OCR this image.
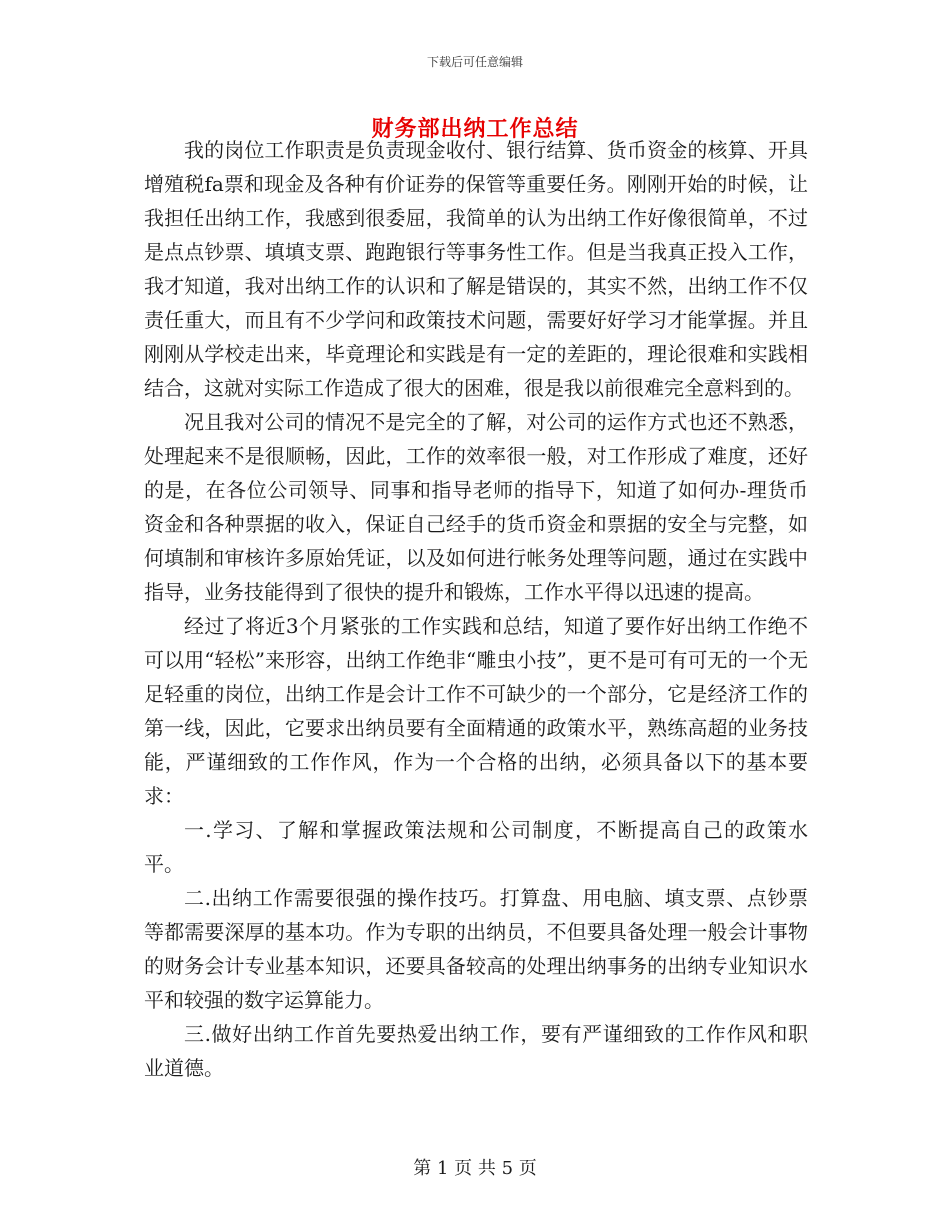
下载后可任意编辑
财务部出纳工作总结

我的岗位工作职责是负责现金收付、银行结算、货币资金的核算、开具增殖税fa票和现金及各种有价证券的保管等重要任务。刚刚开始的时候，让我担任出纳工作，我感到很委屈，我简单的认为出纳工作好像很简单，不过是点点钞票、填填支票、跑跑银行等事务性工作。但是当我真正投入工作，我才知道，我对出纳工作的认识和了解是错误的，其实不然，出纳工作不仅责任重大，而且有不少学问和政策技术问题，需要好好学习才能掌握。并且刚刚从学校走出来，毕竟理论和实践是有一定的差距的，理论很难和实践相结合，这就对实际工作造成了很大的困难，很是我以前很难完全意料到的。

况且我对公司的情况不是完全的了解，对公司的运作方式也还不熟悉，处理起来不是很顺畅，因此，工作的效率很一般，对工作形成了难度，还好的是，在各位公司领导、同事和指导老师的指导下，知道了如何办-理货币资金和各种票据的收入，保证自己经手的货币资金和票据的安全与完整，如何填制和审核许多原始凭证，以及如何进行帐务处理等问题，通过在实践中指导，业务技能得到了很快的提升和锻炼，工作水平得以迅速的提高。

经过了将近3个月紧张的工作实践和总结，知道了要作好出纳工作绝不可以用“轻松”来形容，出纳工作绝非“雕虫小技”，更不是可有可无的一个无足轻重的岗位，出纳工作是会计工作不可缺少的一个部分，它是经济工作的第一线，因此，它要求出纳员要有全面精通的政策水平，熟练高超的业务技能，严谨细致的工作作风，作为一个合格的出纳，必须具备以下的基本要求：

一.学习、了解和掌握政策法规和公司制度，不断提高自己的政策水平。

二.出纳工作需要很强的操作技巧。打算盘、用电脑、填支票、点钞票等都需要深厚的基本功。作为专职的出纳员，不但要具备处理一般会计事物的财务会计专业基本知识，还要具备较高的处理出纳事务的出纳专业知识水平和较强的数字运算能力。

三.做好出纳工作首先要热爱出纳工作，要有严谨细致的工作作风和职业道德。

第 1 页 共 5 页
